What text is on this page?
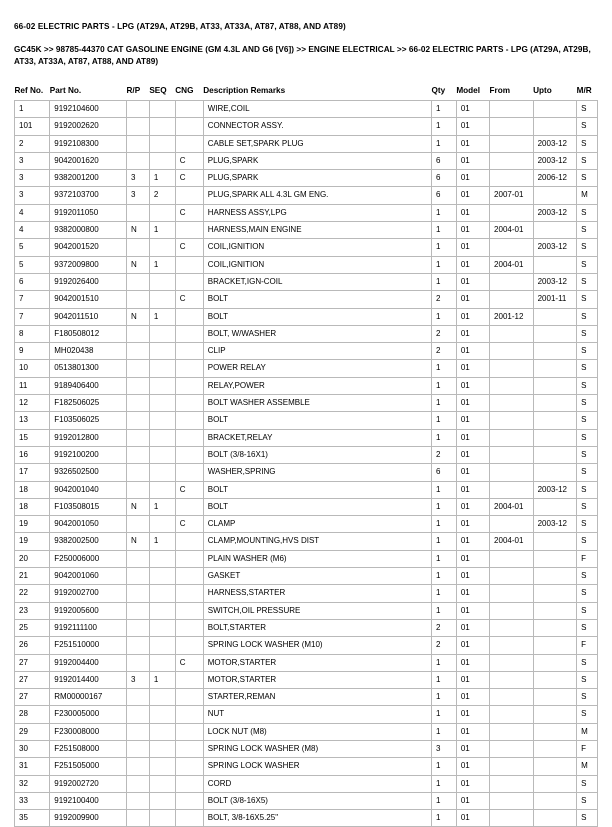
66-02 ELECTRIC PARTS - LPG (AT29A, AT29B, AT33, AT33A, AT87, AT88, AND AT89)
GC45K >> 98785-44370 CAT GASOLINE ENGINE (GM 4.3L AND G6 [V6]) >> ENGINE ELECTRICAL >> 66-02 ELECTRIC PARTS - LPG (AT29A, AT29B, AT33, AT33A, AT87, AT88, AND AT89)
Ref No.	Part No.	R/P	SEQ	CNG	Description Remarks	Qty	Model	From	Upto	M/R
1	9192104600				WIRE,COIL	1	01			S
101	9192002620				CONNECTOR ASSY.	1	01			S
2	9192108300				CABLE SET,SPARK PLUG	1	01		2003-12	S
3	9042001620			C	PLUG,SPARK	6	01		2003-12	S
3	9382001200	3	1	C	PLUG,SPARK	6	01		2006-12	S
3	9372103700	3	2		PLUG,SPARK ALL 4.3L GM ENG.	6	01	2007-01		M
4	9192011050			C	HARNESS ASSY,LPG	1	01		2003-12	S
4	9382000800	N	1		HARNESS,MAIN ENGINE	1	01	2004-01		S
5	9042001520			C	COIL,IGNITION	1	01		2003-12	S
5	9372009800	N	1		COIL,IGNITION	1	01	2004-01		S
6	9192026400				BRACKET,IGN-COIL	1	01		2003-12	S
7	9042001510			C	BOLT	2	01		2001-11	S
7	9042011510	N	1		BOLT	1	01	2001-12		S
8	F180508012				BOLT, W/WASHER	2	01			S
9	MH020438				CLIP	2	01			S
10	0513801300				POWER RELAY	1	01			S
11	9189406400				RELAY,POWER	1	01			S
12	F182506025				BOLT WASHER ASSEMBLE	1	01			S
13	F103506025				BOLT	1	01			S
15	9192012800				BRACKET,RELAY	1	01			S
16	9192100200				BOLT (3/8-16X1)	2	01			S
17	9326502500				WASHER,SPRING	6	01			S
18	9042001040			C	BOLT	1	01		2003-12	S
18	F103508015	N	1		BOLT	1	01	2004-01		S
19	9042001050			C	CLAMP	1	01		2003-12	S
19	9382002500	N	1		CLAMP,MOUNTING,HVS DIST	1	01	2004-01		S
20	F250006000				PLAIN WASHER (M6)	1	01			F
21	9042001060				GASKET	1	01			S
22	9192002700				HARNESS,STARTER	1	01			S
23	9192005600				SWITCH,OIL PRESSURE	1	01			S
25	9192111100				BOLT,STARTER	2	01			S
26	F251510000				SPRING LOCK WASHER (M10)	2	01			F
27	9192004400			C	MOTOR,STARTER	1	01			S
27	9192014400	3	1		MOTOR,STARTER	1	01			S
27	RM00000167				STARTER,REMAN	1	01			S
28	F230005000				NUT	1	01			S
29	F230008000				LOCK NUT (M8)	1	01			M
30	F251508000				SPRING LOCK WASHER (M8)	3	01			F
31	F251505000				SPRING LOCK WASHER	1	01			M
32	9192002720				CORD	1	01			S
33	9192100400				BOLT (3/8-16X5)	1	01			S
35	9192009900				BOLT, 3/8-16X5.25"	1	01			S
